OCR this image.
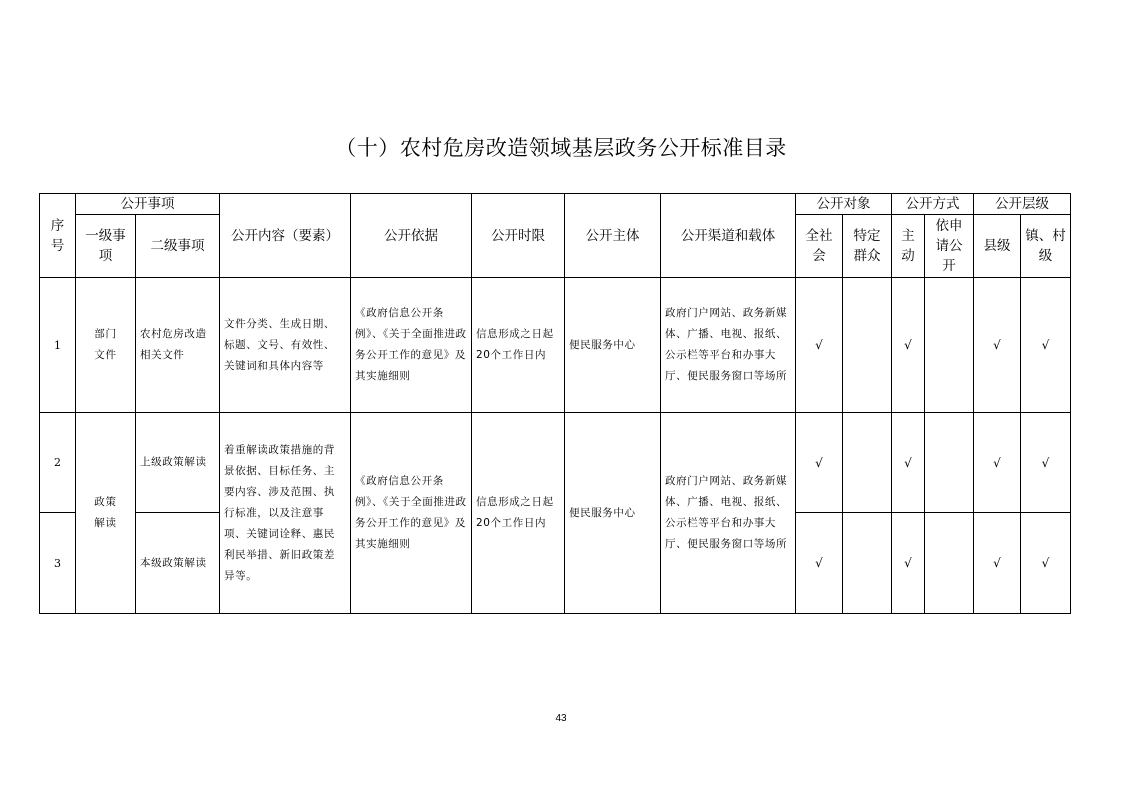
（十）农村危房改造领域基层政务公开标准目录
序号	公开事项		公开内容（要素）	公开依据	公开时限	公开主体	公开渠道和载体	公开对象		公开方式		公开层级	
	一级事项	二级事项						全社会	特定群众	主动	依申请公开	县级	镇、村级
1	部门文件	农村危房改造相关文件	文件分类、生成日期、标题、文号、有效性、关键词和具体内容等	《政府信息公开条例》、《关于全面推进政务公开工作的意见》及其实施细则	信息形成之日起20个工作日内	便民服务中心	政府门户网站、政务新媒体、广播、电视、报纸、公示栏等平台和办事大厅、便民服务窗口等场所	√		√		√	√
2	政策解读	上级政策解读	着重解读政策措施的背景依据、目标任务、主要内容、涉及范围、执行标准，以及注意事项、关键词诠释、惠民利民举措、新旧政策差异等。	《政府信息公开条例》、《关于全面推进政务公开工作的意见》及其实施细则	信息形成之日起20个工作日内	便民服务中心	政府门户网站、政务新媒体、广播、电视、报纸、公示栏等平台和办事大厅、便民服务窗口等场所	√		√		√	√
3		本级政策解读						√		√		√	√
43
